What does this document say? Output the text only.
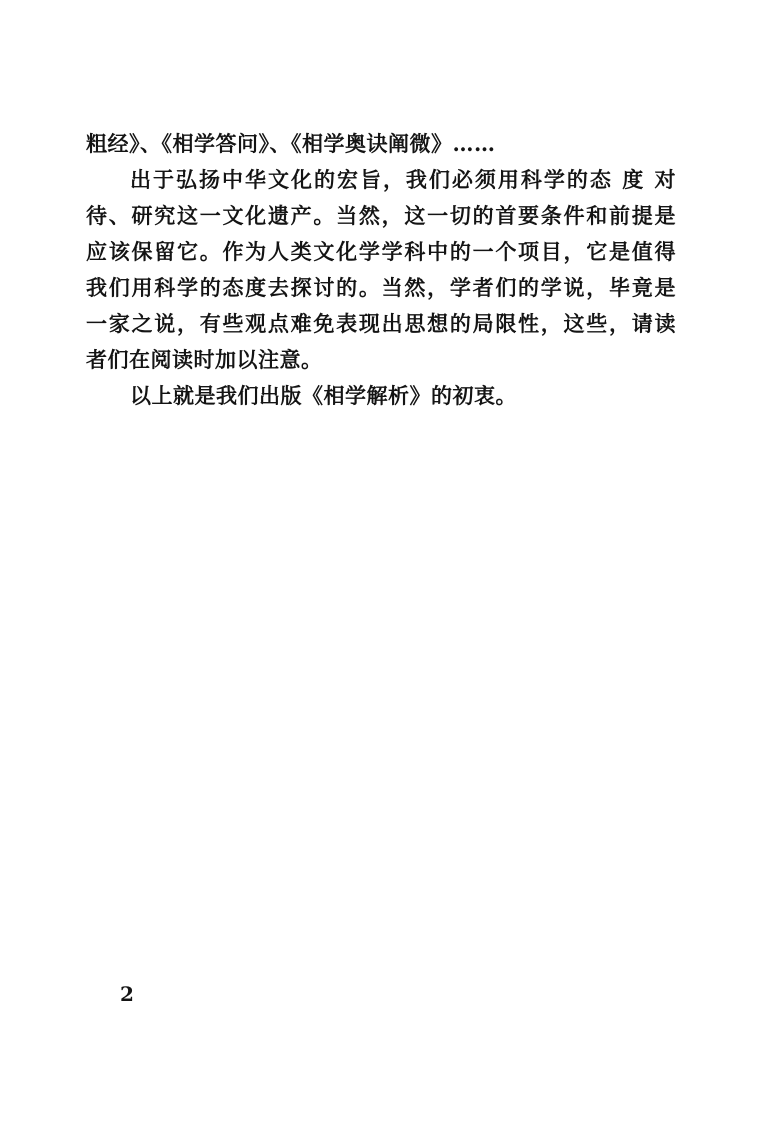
粗经》、《相学答问》、《相学奥诀阐微》……
出于弘扬中华文化的宏旨，我们必须用科学的态 度 对
待、研究这一文化遗产。当然，这一切的首要条件和前提是
应该保留它。作为人类文化学学科中的一个项目，它是值得
我们用科学的态度去探讨的。当然，学者们的学说，毕竟是
一家之说，有些观点难免表现出思想的局限性，这些，请读
者们在阅读时加以注意。
以上就是我们出版《相学解析》的初衷。
2
